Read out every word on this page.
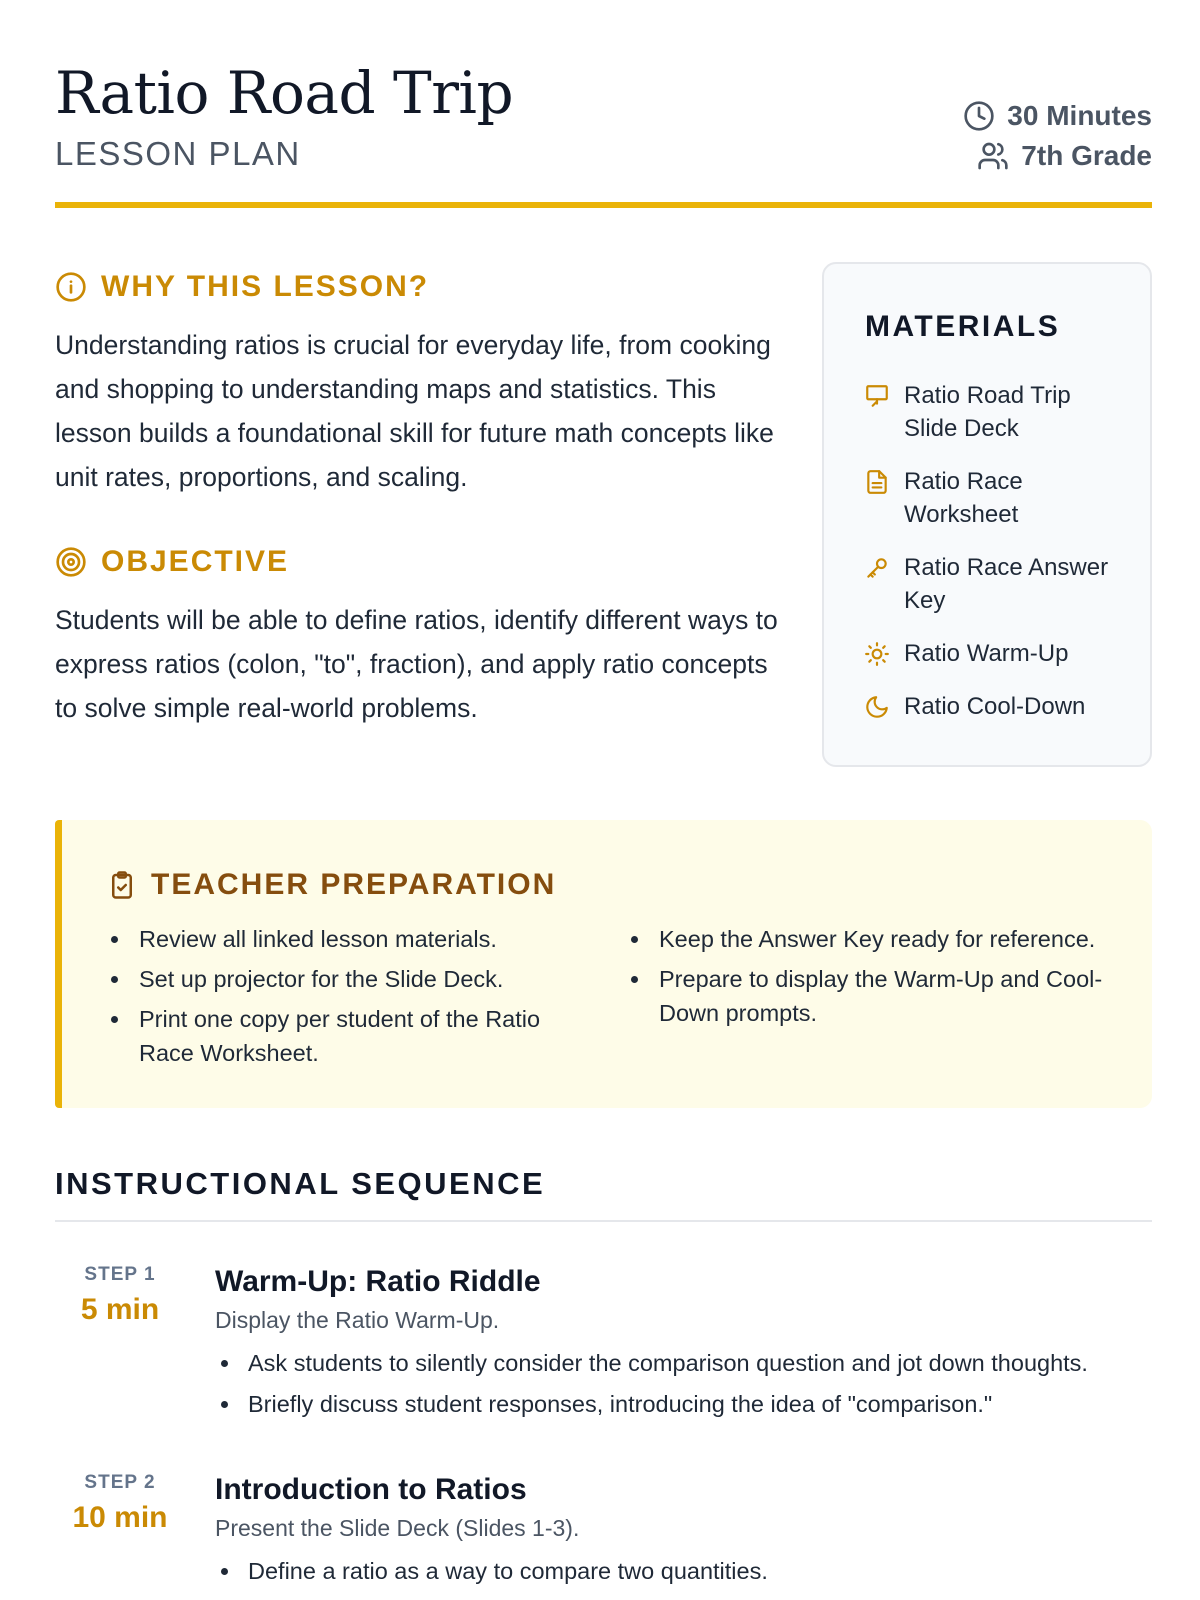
Ratio Road Trip
LESSON PLAN
30 Minutes
7th Grade
WHY THIS LESSON?

Understanding ratios is crucial for everyday life, from cooking and shopping to understanding maps and statistics. This lesson builds a foundational skill for future math concepts like unit rates, proportions, and scaling.

OBJECTIVE

Students will be able to define ratios, identify different ways to express ratios (colon, "to", fraction), and apply ratio concepts to solve simple real-world problems.

MATERIALS
Ratio Road Trip Slide Deck
Ratio Race Worksheet
Ratio Race Answer Key
Ratio Warm-Up
Ratio Cool-Down
TEACHER PREPARATION
Review all linked lesson materials.
Set up projector for the Slide Deck.
Print one copy per student of the Ratio Race Worksheet.
Keep the Answer Key ready for reference.
Prepare to display the Warm-Up and Cool-Down prompts.
INSTRUCTIONAL SEQUENCE
STEP 1
5 min
Warm-Up: Ratio Riddle
Display the Ratio Warm-Up.
Ask students to silently consider the comparison question and jot down thoughts.
Briefly discuss student responses, introducing the idea of "comparison."
STEP 2
10 min
Introduction to Ratios
Present the Slide Deck (Slides 1-3).
Define a ratio as a way to compare two quantities.
